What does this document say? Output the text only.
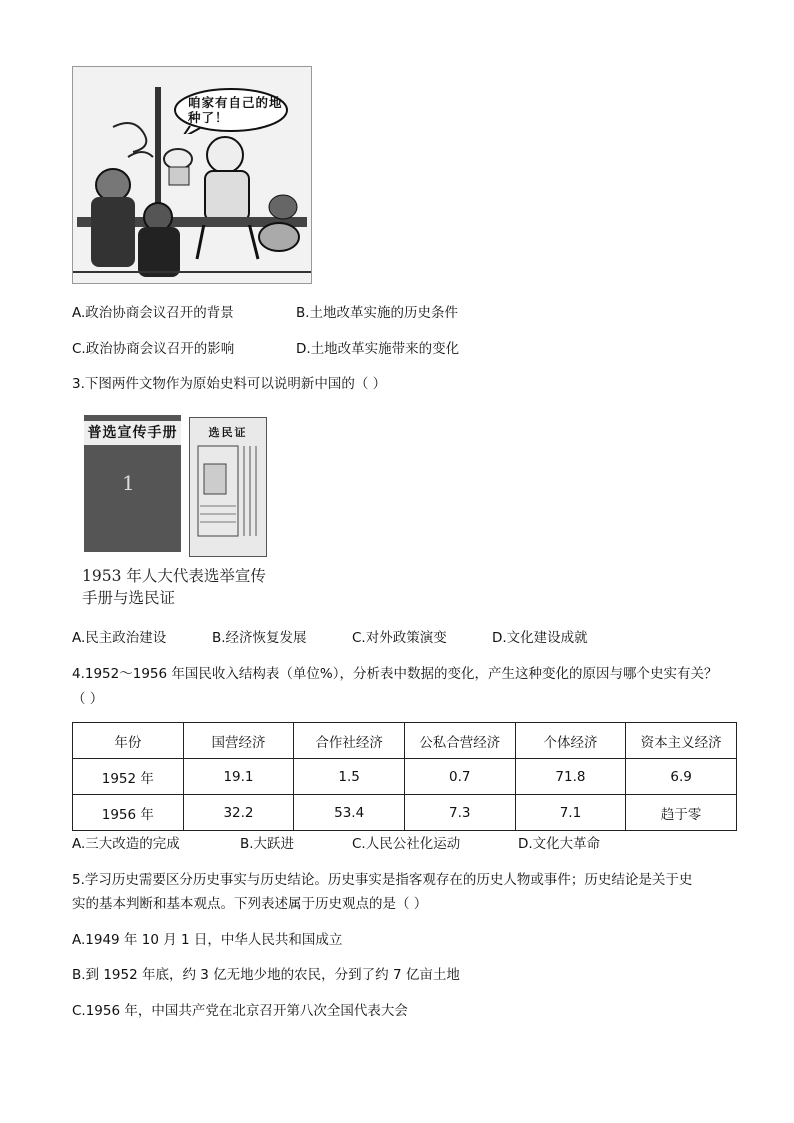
咱家有自己的地种了！
A.政治协商会议召开的背景	B.土地改革实施的历史条件
C.政治协商会议召开的影响	D.土地改革实施带来的变化
3.下图两件文物作为原始史料可以说明新中国的（ ）
普选宣传手册
1
选民证
1953 年人大代表选举宣传
手册与选民证
A.民主政治建设	B.经济恢复发展	C.对外政策演变	D.文化建设成就
4.1952～1956 年国民收入结构表（单位%），分析表中数据的变化，产生这种变化的原因与哪个史实有关？
（ ）
年份	国营经济	合作社经济	公私合营经济	个体经济	资本主义经济
1952 年	19.1	1.5	0.7	71.8	6.9
1956 年	32.2	53.4	7.3	7.1	趋于零
A.三大改造的完成	B.大跃进	C.人民公社化运动	D.文化大革命
5.学习历史需要区分历史事实与历史结论。历史事实是指客观存在的历史人物或事件；历史结论是关于史
实的基本判断和基本观点。下列表述属于历史观点的是（ ）
A.1949 年 10 月 1 日，中华人民共和国成立
B.到 1952 年底，约 3 亿无地少地的农民，分到了约 7 亿亩土地
C.1956 年，中国共产党在北京召开第八次全国代表大会
